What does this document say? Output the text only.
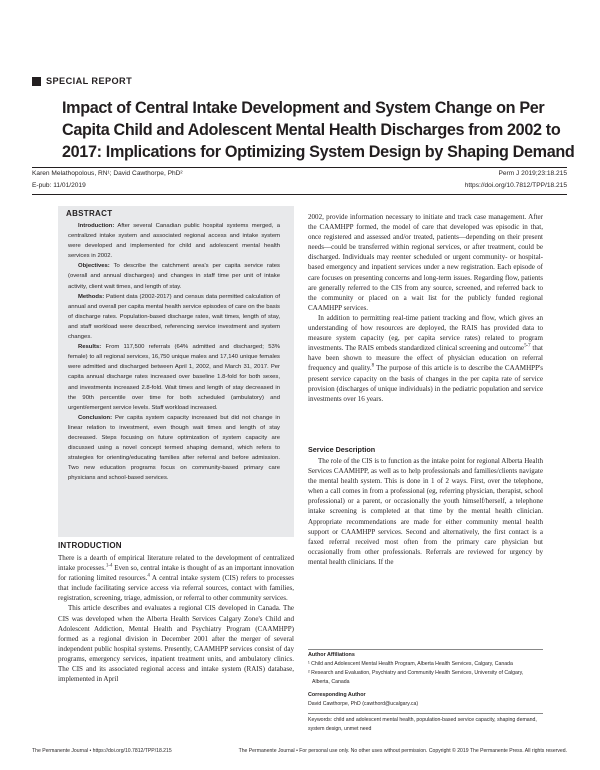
SPECIAL REPORT
Impact of Central Intake Development and System Change on Per Capita Child and Adolescent Mental Health Discharges from 2002 to 2017: Implications for Optimizing System Design by Shaping Demand
Karen Melathopolous, RN¹; David Cawthorpe, PhD²	Perm J 2019;23:18.215
E-pub: 11/01/2019	https://doi.org/10.7812/TPP/18.215
ABSTRACT

Introduction: After several Canadian public hospital systems merged, a centralized intake system and associated regional access and intake system were developed and implemented for child and adolescent mental health services in 2002.

Objectives: To describe the catchment area's per capita service rates (overall and annual discharges) and changes in staff time per unit of intake activity, client wait times, and length of stay.

Methods: Patient data (2002-2017) and census data permitted calculation of annual and overall per capita mental health service episodes of care on the basis of discharge rates. Population-based discharge rates, wait times, length of stay, and staff workload were described, referencing service investment and system changes.

Results: From 117,500 referrals (64% admitted and discharged; 53% female) to all regional services, 16,750 unique males and 17,140 unique females were admitted and discharged between April 1, 2002, and March 31, 2017. Per capita annual discharge rates increased over baseline 1.8-fold for both sexes, and investments increased 2.8-fold. Wait times and length of stay decreased in the 90th percentile over time for both scheduled (ambulatory) and urgent/emergent service levels. Staff workload increased.

Conclusion: Per capita system capacity increased but did not change in linear relation to investment, even though wait times and length of stay decreased. Steps focusing on future optimization of system capacity are discussed using a novel concept termed shaping demand, which refers to strategies for orienting/educating families after referral and before admission. Two new education programs focus on community-based primary care physicians and school-based services.

INTRODUCTION

There is a dearth of empirical literature related to the development of centralized intake processes.$^{1-4}$ Even so, central intake is thought of as an important innovation for rationing limited resources.$^4$ A central intake system (CIS) refers to processes that include facilitating service access via referral sources, contact with families, registration, screening, triage, admission, or referral to other community services.

This article describes and evaluates a regional CIS developed in Canada. The CIS was developed when the Alberta Health Services Calgary Zone's Child and Adolescent Addiction, Mental Health and Psychiatry Program (CAAMHPP) formed as a regional division in December 2001 after the merger of several independent public hospital systems. Presently, CAAMHPP services consist of day programs, emergency services, inpatient treatment units, and ambulatory clinics. The CIS and its associated regional access and intake system (RAIS) database, implemented in April

2002, provide information necessary to initiate and track case management. After the CAAMHPP formed, the model of care that developed was episodic in that, once registered and assessed and/or treated, patients—depending on their present needs—could be transferred within regional services, or after treatment, could be discharged. Individuals may reenter scheduled or urgent community- or hospital-based emergency and inpatient services under a new registration. Each episode of care focuses on presenting concerns and long-term issues. Regarding flow, patients are generally referred to the CIS from any source, screened, and referred back to the community or placed on a wait list for the publicly funded regional CAAMHPP services.

In addition to permitting real-time patient tracking and flow, which gives an understanding of how resources are deployed, the RAIS has provided data to measure system capacity (eg, per capita service rates) related to program investments. The RAIS embeds standardized clinical screening and outcome$^{5-7}$ that have been shown to measure the effect of physician education on referral frequency and quality.$^8$ The purpose of this article is to describe the CAAMHPP's present service capacity on the basis of changes in the per capita rate of service provision (discharges of unique individuals) in the pediatric population and service investments over 16 years.

Service Description

The role of the CIS is to function as the intake point for regional Alberta Health Services CAAMHPP, as well as to help professionals and families/clients navigate the mental health system. This is done in 1 of 2 ways. First, over the telephone, when a call comes in from a professional (eg, referring physician, therapist, school professional) or a parent, or occasionally the youth himself/herself, a telephone intake screening is completed at that time by the mental health clinician. Appropriate recommendations are made for either community mental health support or CAAMHPP services. Second and alternatively, the first contact is a faxed referral received most often from the primary care physician but occasionally from other professionals. Referrals are reviewed for urgency by mental health clinicians. If the

Author Affiliations
¹ Child and Adolescent Mental Health Program, Alberta Health Services, Calgary, Canada
² Research and Evaluation, Psychiatry and Community Health Services, University of Calgary,
Alberta, Canada
Corresponding Author
David Cawthorpe, PhD (cawthord@ucalgary.ca)
Keywords: child and adolescent mental health, population-based service capacity, shaping demand,
system design, unmet need
The Permanente Journal • https://doi.org/10.7812/TPP/18.215	The Permanente Journal • For personal use only. No other uses without permission. Copyright © 2019 The Permanente Press. All rights reserved.
